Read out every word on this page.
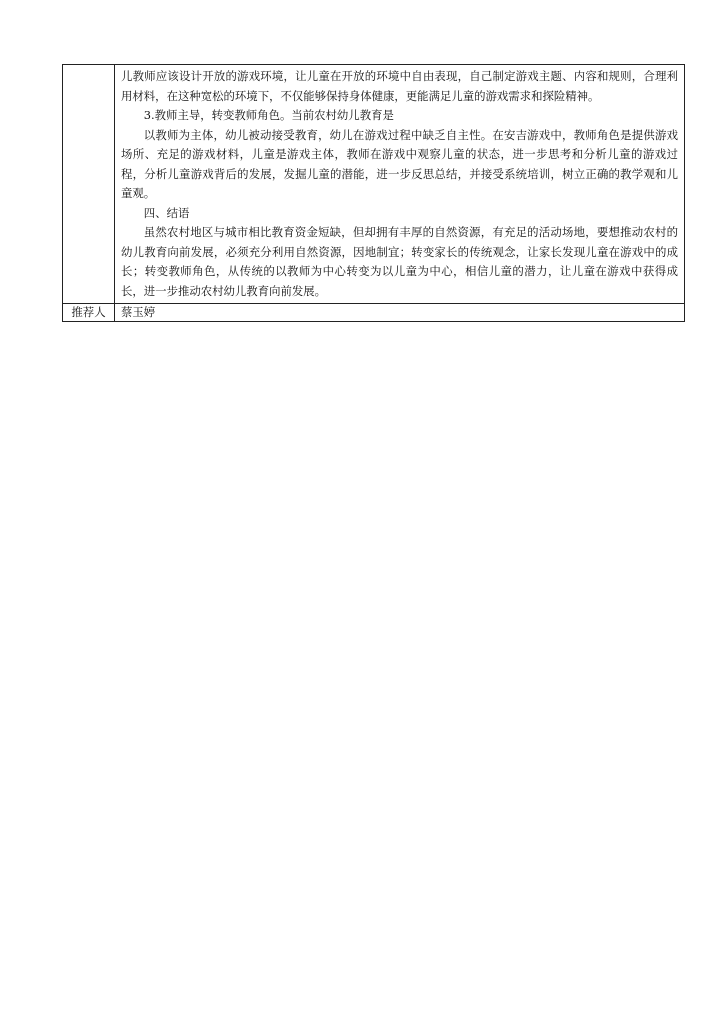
	儿教师应该设计开放的游戏环境，让儿童在开放的环境中自由表现，自己制定游戏主题、内容和规则，合理利用材料，在这种宽松的环境下，不仅能够保持身体健康，更能满足儿童的游戏需求和探险精神。

3.教师主导，转变教师角色。当前农村幼儿教育是

以教师为主体，幼儿被动接受教育，幼儿在游戏过程中缺乏自主性。在安吉游戏中，教师角色是提供游戏场所、充足的游戏材料，儿童是游戏主体，教师在游戏中观察儿童的状态，进一步思考和分析儿童的游戏过程，分析儿童游戏背后的发展，发掘儿童的潜能，进一步反思总结，并接受系统培训，树立正确的教学观和儿童观。

四、结语

虽然农村地区与城市相比教育资金短缺，但却拥有丰厚的自然资源，有充足的活动场地，要想推动农村的幼儿教育向前发展，必须充分利用自然资源，因地制宜；转变家长的传统观念，让家长发现儿童在游戏中的成长；转变教师角色，从传统的以教师为中心转变为以儿童为中心，相信儿童的潜力，让儿童在游戏中获得成长，进一步推动农村幼儿教育向前发展。

推荐人	蔡玉婷
